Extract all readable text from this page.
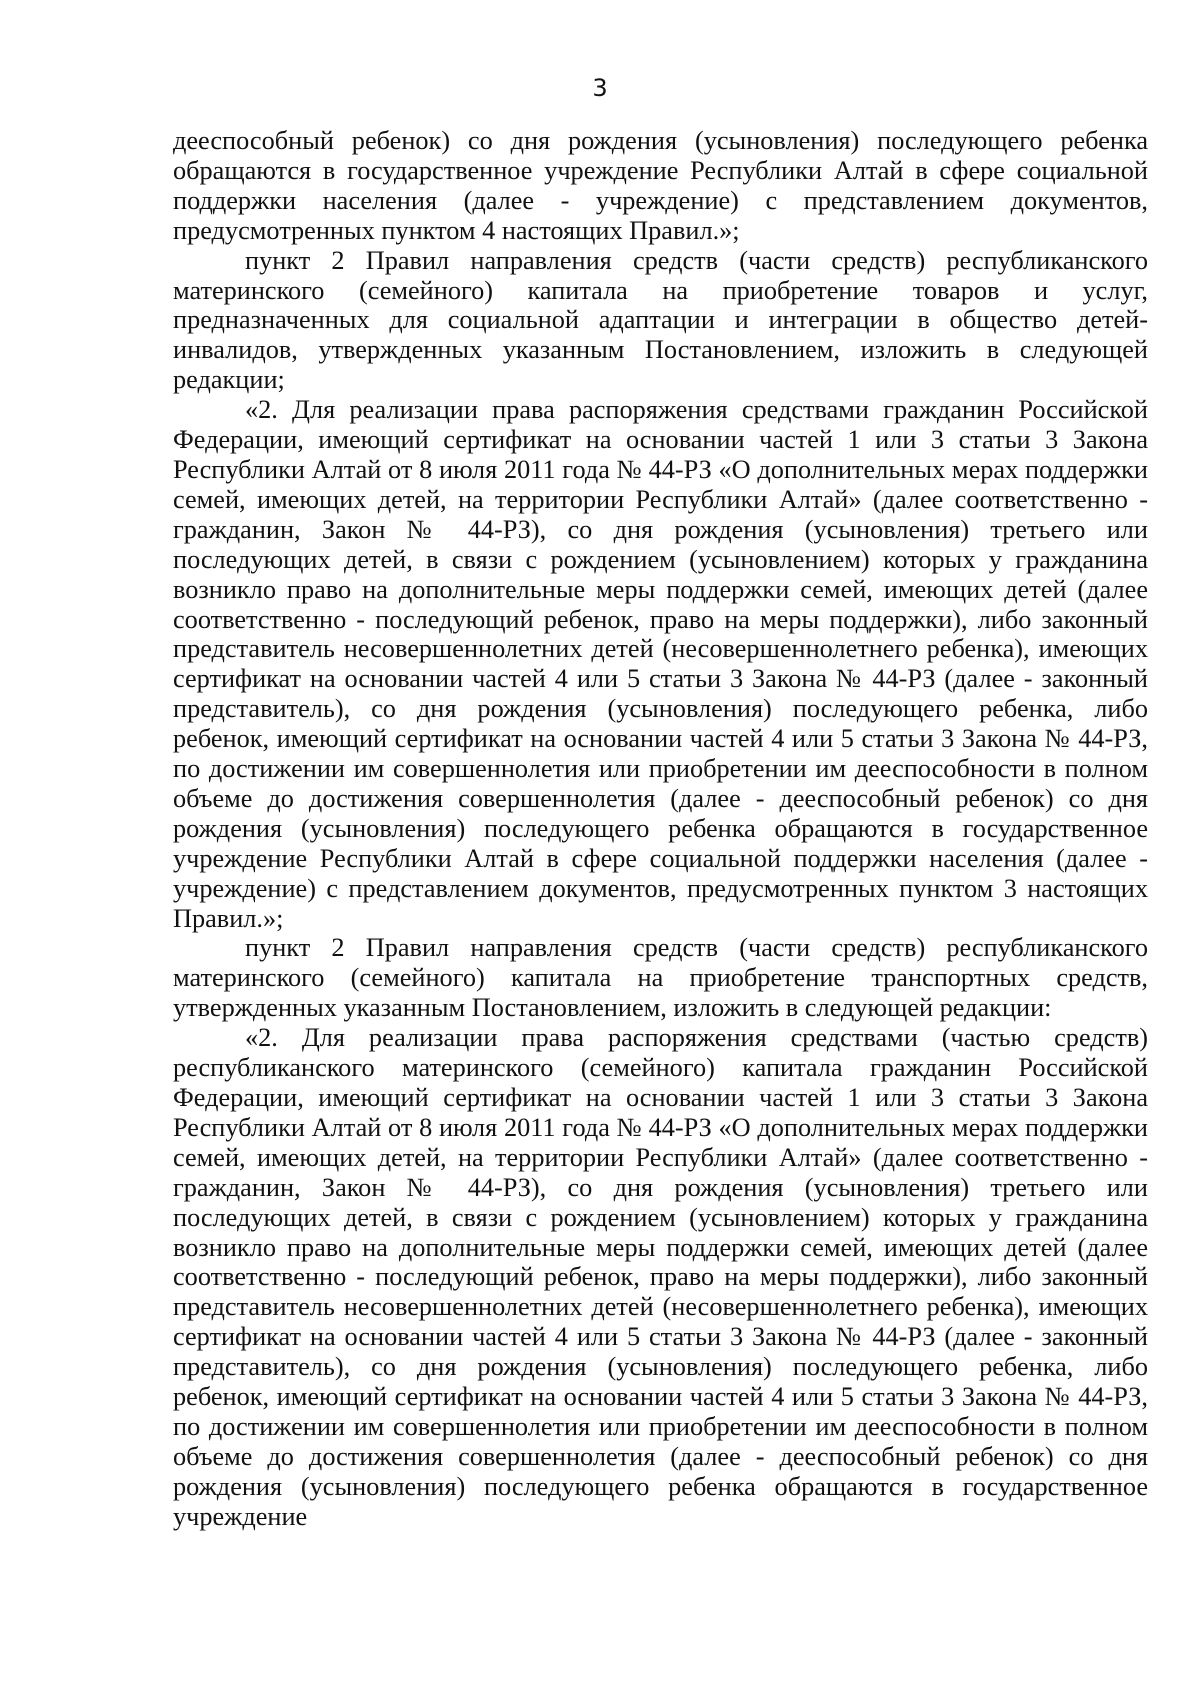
3

дееспособный ребенок) со дня рождения (усыновления) последующего ребенка обращаются в государственное учреждение Республики Алтай в сфере социальной поддержки населения (далее - учреждение) с представлением документов, предусмотренных пунктом 4 настоящих Правил.»;

пункт 2 Правил направления средств (части средств) республиканского материнского (семейного) капитала на приобретение товаров и услуг, предназначенных для социальной адаптации и интеграции в общество детей-инвалидов, утвержденных указанным Постановлением, изложить в следующей редакции;

«2. Для реализации права распоряжения средствами гражданин Российской Федерации, имеющий сертификат на основании частей 1 или 3 статьи 3 Закона Республики Алтай от 8 июля 2011 года № 44-РЗ «О дополнительных мерах поддержки семей, имеющих детей, на территории Республики Алтай» (далее соответственно - гражданин, Закон № 44-РЗ), со дня рождения (усыновления) третьего или последующих детей, в связи с рождением (усыновлением) которых у гражданина возникло право на дополнительные меры поддержки семей, имеющих детей (далее соответственно - последующий ребенок, право на меры поддержки), либо законный представитель несовершеннолетних детей (несовершеннолетнего ребенка), имеющих сертификат на основании частей 4 или 5 статьи 3 Закона № 44-РЗ (далее - законный представитель), со дня рождения (усыновления) последующего ребенка, либо ребенок, имеющий сертификат на основании частей 4 или 5 статьи 3 Закона № 44-РЗ, по достижении им совершеннолетия или приобретении им дееспособности в полном объеме до достижения совершеннолетия (далее - дееспособный ребенок) со дня рождения (усыновления) последующего ребенка обращаются в государственное учреждение Республики Алтай в сфере социальной поддержки населения (далее - учреждение) с представлением документов, предусмотренных пунктом 3 настоящих Правил.»;

пункт 2 Правил направления средств (части средств) республиканского материнского (семейного) капитала на приобретение транспортных средств, утвержденных указанным Постановлением, изложить в следующей редакции:

«2. Для реализации права распоряжения средствами (частью средств) республиканского материнского (семейного) капитала гражданин Российской Федерации, имеющий сертификат на основании частей 1 или 3 статьи 3 Закона Республики Алтай от 8 июля 2011 года № 44-РЗ «О дополнительных мерах поддержки семей, имеющих детей, на территории Республики Алтай» (далее соответственно - гражданин, Закон № 44-РЗ), со дня рождения (усыновления) третьего или последующих детей, в связи с рождением (усыновлением) которых у гражданина возникло право на дополнительные меры поддержки семей, имеющих детей (далее соответственно - последующий ребенок, право на меры поддержки), либо законный представитель несовершеннолетних детей (несовершеннолетнего ребенка), имеющих сертификат на основании частей 4 или 5 статьи 3 Закона № 44-РЗ (далее - законный представитель), со дня рождения (усыновления) последующего ребенка, либо ребенок, имеющий сертификат на основании частей 4 или 5 статьи 3 Закона № 44-РЗ, по достижении им совершеннолетия или приобретении им дееспособности в полном объеме до достижения совершеннолетия (далее - дееспособный ребенок) со дня рождения (усыновления) последующего ребенка обращаются в государственное учреждение
